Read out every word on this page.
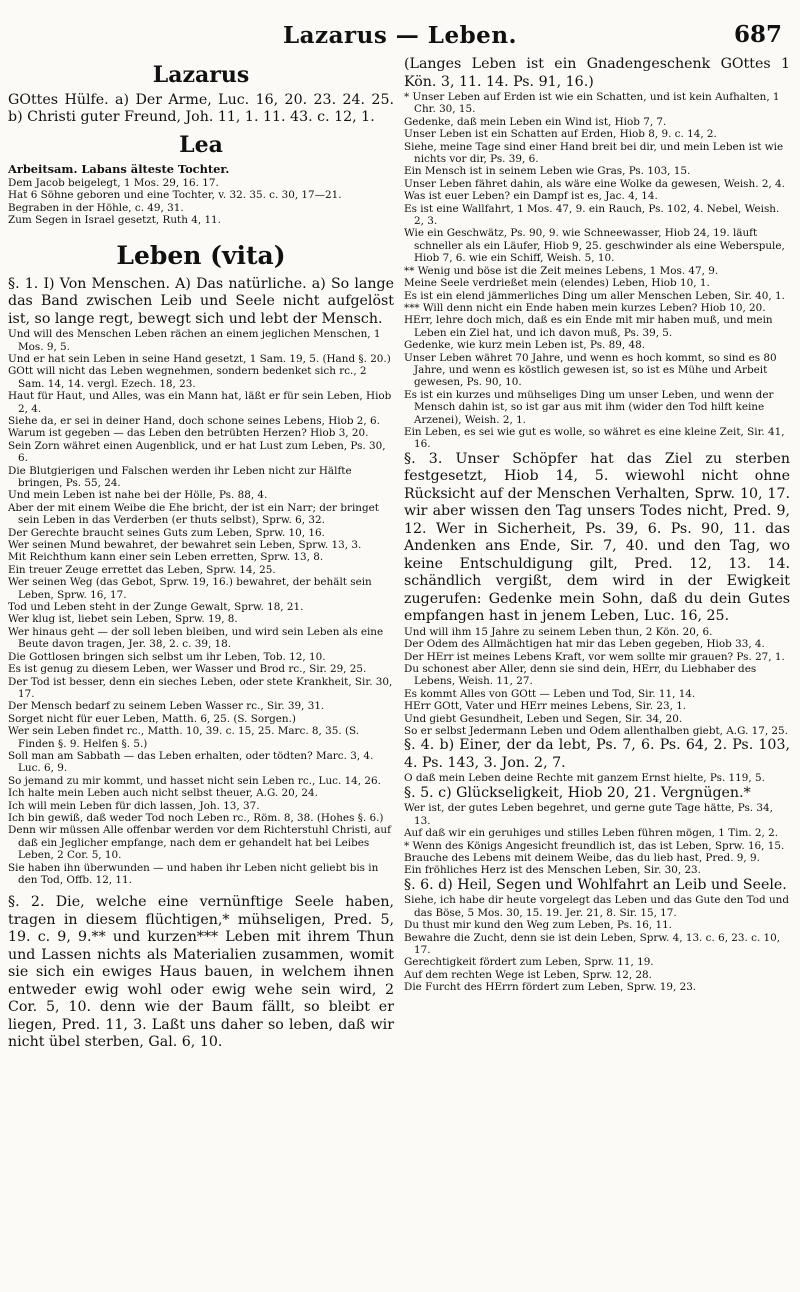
Lazarus — Leben.	687
Lazarus

GOttes Hülfe. a) Der Arme, Luc. 16, 20. 23. 24. 25. b) Christi guter Freund, Joh. 11, 1. 11. 43. c. 12, 1.

Lea

Arbeitsam. Labans älteste Tochter.

Dem Jacob beigelegt, 1 Mos. 29, 16. 17.

Hat 6 Söhne geboren und eine Tochter, v. 32. 35. c. 30, 17—21.

Begraben in der Höhle, c. 49, 31.

Zum Segen in Israel gesetzt, Ruth 4, 11.

Leben (vita)

§. 1. I) Von Menschen. A) Das natürliche. a) So lange das Band zwischen Leib und Seele nicht aufgelöst ist, so lange regt, bewegt sich und lebt der Mensch.

Und will des Menschen Leben rächen an einem jeglichen Menschen, 1 Mos. 9, 5.

Und er hat sein Leben in seine Hand gesetzt, 1 Sam. 19, 5. (Hand §. 20.)

GOtt will nicht das Leben wegnehmen, sondern bedenket sich rc., 2 Sam. 14, 14. vergl. Ezech. 18, 23.

Haut für Haut, und Alles, was ein Mann hat, läßt er für sein Leben, Hiob 2, 4.

Siehe da, er sei in deiner Hand, doch schone seines Lebens, Hiob 2, 6.

Warum ist gegeben — das Leben den betrübten Herzen? Hiob 3, 20.

Sein Zorn währet einen Augenblick, und er hat Lust zum Leben, Ps. 30, 6.

Die Blutgierigen und Falschen werden ihr Leben nicht zur Hälfte bringen, Ps. 55, 24.

Und mein Leben ist nahe bei der Hölle, Ps. 88, 4.

Aber der mit einem Weibe die Ehe bricht, der ist ein Narr; der bringet sein Leben in das Verderben (er thuts selbst), Sprw. 6, 32.

Der Gerechte braucht seines Guts zum Leben, Sprw. 10, 16.

Wer seinen Mund bewahret, der bewahret sein Leben, Sprw. 13, 3.

Mit Reichthum kann einer sein Leben erretten, Sprw. 13, 8.

Ein treuer Zeuge errettet das Leben, Sprw. 14, 25.

Wer seinen Weg (das Gebot, Sprw. 19, 16.) bewahret, der behält sein Leben, Sprw. 16, 17.

Tod und Leben steht in der Zunge Gewalt, Sprw. 18, 21.

Wer klug ist, liebet sein Leben, Sprw. 19, 8.

Wer hinaus geht — der soll leben bleiben, und wird sein Leben als eine Beute davon tragen, Jer. 38, 2. c. 39, 18.

Die Gottlosen bringen sich selbst um ihr Leben, Tob. 12, 10.

Es ist genug zu diesem Leben, wer Wasser und Brod rc., Sir. 29, 25.

Der Tod ist besser, denn ein sieches Leben, oder stete Krankheit, Sir. 30, 17.

Der Mensch bedarf zu seinem Leben Wasser rc., Sir. 39, 31.

Sorget nicht für euer Leben, Matth. 6, 25. (S. Sorgen.)

Wer sein Leben findet rc., Matth. 10, 39. c. 15, 25. Marc. 8, 35. (S. Finden §. 9. Helfen §. 5.)

Soll man am Sabbath — das Leben erhalten, oder tödten? Marc. 3, 4. Luc. 6, 9.

So jemand zu mir kommt, und hasset nicht sein Leben rc., Luc. 14, 26.

Ich halte mein Leben auch nicht selbst theuer, A.G. 20, 24.

Ich will mein Leben für dich lassen, Joh. 13, 37.

Ich bin gewiß, daß weder Tod noch Leben rc., Röm. 8, 38. (Hohes §. 6.)

Denn wir müssen Alle offenbar werden vor dem Richterstuhl Christi, auf daß ein Jeglicher empfange, nach dem er gehandelt hat bei Leibes Leben, 2 Cor. 5, 10.

Sie haben ihn überwunden — und haben ihr Leben nicht geliebt bis in den Tod, Offb. 12, 11.

§. 2. Die, welche eine vernünftige Seele haben, tragen in diesem flüchtigen,* mühseligen, Pred. 5, 19. c. 9, 9.** und kurzen*** Leben mit ihrem Thun und Lassen nichts als Materialien zusammen, womit sie sich ein ewiges Haus bauen, in welchem ihnen entweder ewig wohl oder ewig wehe sein wird, 2 Cor. 5, 10. denn wie der Baum fällt, so bleibt er liegen, Pred. 11, 3. Laßt uns daher so leben, daß wir nicht übel sterben, Gal. 6, 10.

(Langes Leben ist ein Gnadengeschenk GOttes 1 Kön. 3, 11. 14. Ps. 91, 16.)

* Unser Leben auf Erden ist wie ein Schatten, und ist kein Aufhalten, 1 Chr. 30, 15.

Gedenke, daß mein Leben ein Wind ist, Hiob 7, 7.

Unser Leben ist ein Schatten auf Erden, Hiob 8, 9. c. 14, 2.

Siehe, meine Tage sind einer Hand breit bei dir, und mein Leben ist wie nichts vor dir, Ps. 39, 6.

Ein Mensch ist in seinem Leben wie Gras, Ps. 103, 15.

Unser Leben fähret dahin, als wäre eine Wolke da gewesen, Weish. 2, 4.

Was ist euer Leben? ein Dampf ist es, Jac. 4, 14.

Es ist eine Wallfahrt, 1 Mos. 47, 9. ein Rauch, Ps. 102, 4. Nebel, Weish. 2, 3.

Wie ein Geschwätz, Ps. 90, 9. wie Schneewasser, Hiob 24, 19. läuft schneller als ein Läufer, Hiob 9, 25. geschwinder als eine Weberspule, Hiob 7, 6. wie ein Schiff, Weish. 5, 10.

** Wenig und böse ist die Zeit meines Lebens, 1 Mos. 47, 9.

Meine Seele verdrießet mein (elendes) Leben, Hiob 10, 1.

Es ist ein elend jämmerliches Ding um aller Menschen Leben, Sir. 40, 1.

*** Will denn nicht ein Ende haben mein kurzes Leben? Hiob 10, 20.

HErr, lehre doch mich, daß es ein Ende mit mir haben muß, und mein Leben ein Ziel hat, und ich davon muß, Ps. 39, 5.

Gedenke, wie kurz mein Leben ist, Ps. 89, 48.

Unser Leben währet 70 Jahre, und wenn es hoch kommt, so sind es 80 Jahre, und wenn es köstlich gewesen ist, so ist es Mühe und Arbeit gewesen, Ps. 90, 10.

Es ist ein kurzes und mühseliges Ding um unser Leben, und wenn der Mensch dahin ist, so ist gar aus mit ihm (wider den Tod hilft keine Arzenei), Weish. 2, 1.

Ein Leben, es sei wie gut es wolle, so währet es eine kleine Zeit, Sir. 41, 16.

§. 3. Unser Schöpfer hat das Ziel zu sterben festgesetzt, Hiob 14, 5. wiewohl nicht ohne Rücksicht auf der Menschen Verhalten, Sprw. 10, 17. wir aber wissen den Tag unsers Todes nicht, Pred. 9, 12. Wer in Sicherheit, Ps. 39, 6. Ps. 90, 11. das Andenken ans Ende, Sir. 7, 40. und den Tag, wo keine Entschuldigung gilt, Pred. 12, 13. 14. schändlich vergißt, dem wird in der Ewigkeit zugerufen: Gedenke mein Sohn, daß du dein Gutes empfangen hast in jenem Leben, Luc. 16, 25.

Und will ihm 15 Jahre zu seinem Leben thun, 2 Kön. 20, 6.

Der Odem des Allmächtigen hat mir das Leben gegeben, Hiob 33, 4.

Der HErr ist meines Lebens Kraft, vor wem sollte mir grauen? Ps. 27, 1.

Du schonest aber Aller, denn sie sind dein, HErr, du Liebhaber des Lebens, Weish. 11, 27.

Es kommt Alles von GOtt — Leben und Tod, Sir. 11, 14.

HErr GOtt, Vater und HErr meines Lebens, Sir. 23, 1.

Und giebt Gesundheit, Leben und Segen, Sir. 34, 20.

So er selbst Jedermann Leben und Odem allenthalben giebt, A.G. 17, 25.

§. 4. b) Einer, der da lebt, Ps. 7, 6. Ps. 64, 2. Ps. 103, 4. Ps. 143, 3. Jon. 2, 7.

O daß mein Leben deine Rechte mit ganzem Ernst hielte, Ps. 119, 5.

§. 5. c) Glückseligkeit, Hiob 20, 21. Vergnügen.*

Wer ist, der gutes Leben begehret, und gerne gute Tage hätte, Ps. 34, 13.

Auf daß wir ein geruhiges und stilles Leben führen mögen, 1 Tim. 2, 2.

* Wenn des Königs Angesicht freundlich ist, das ist Leben, Sprw. 16, 15.

Brauche des Lebens mit deinem Weibe, das du lieb hast, Pred. 9, 9.

Ein fröhliches Herz ist des Menschen Leben, Sir. 30, 23.

§. 6. d) Heil, Segen und Wohlfahrt an Leib und Seele.

Siehe, ich habe dir heute vorgelegt das Leben und das Gute den Tod und das Böse, 5 Mos. 30, 15. 19. Jer. 21, 8. Sir. 15, 17.

Du thust mir kund den Weg zum Leben, Ps. 16, 11.

Bewahre die Zucht, denn sie ist dein Leben, Sprw. 4, 13. c. 6, 23. c. 10, 17.

Gerechtigkeit fördert zum Leben, Sprw. 11, 19.

Auf dem rechten Wege ist Leben, Sprw. 12, 28.

Die Furcht des HErrn fördert zum Leben, Sprw. 19, 23.
